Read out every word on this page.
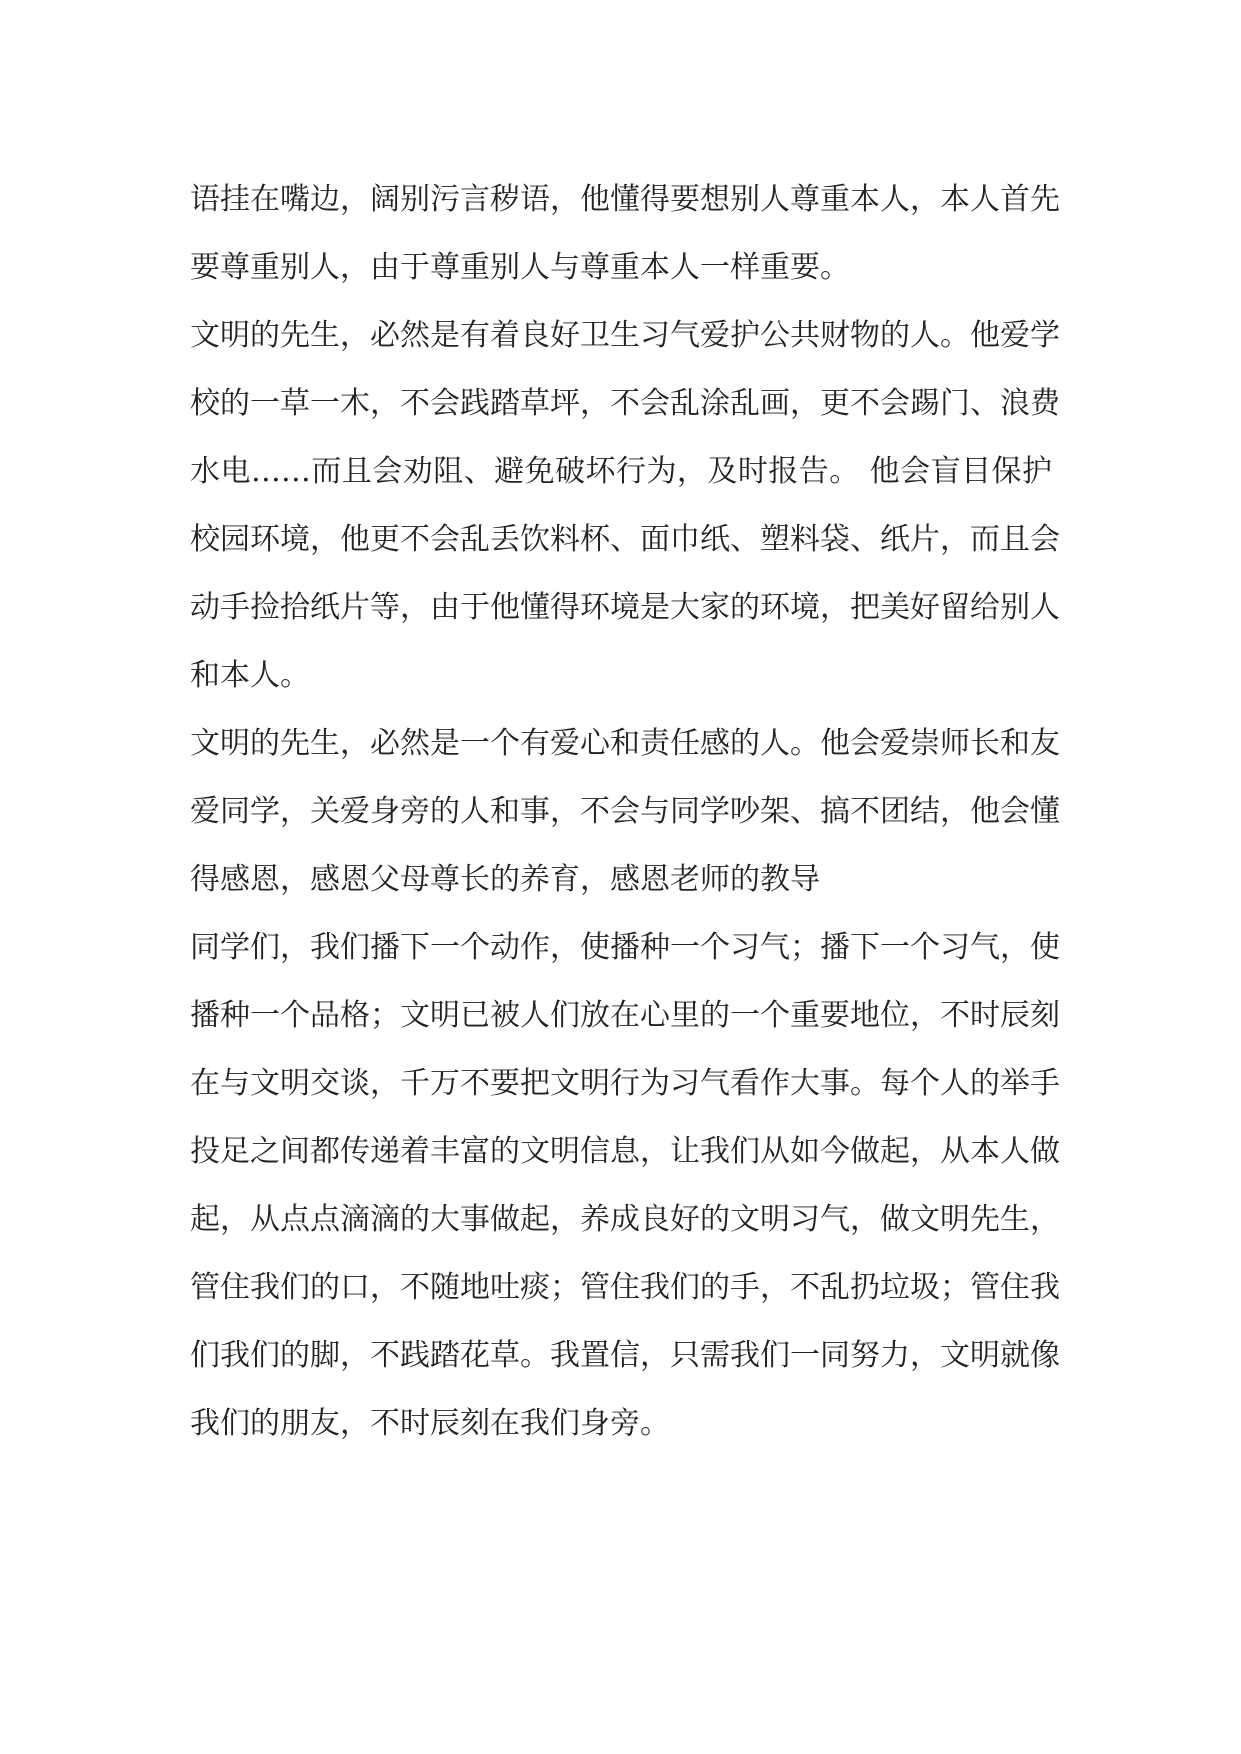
语挂在嘴边，阔别污言秽语，他懂得要想别人尊重本人，本人首先
要尊重别人，由于尊重别人与尊重本人一样重要。
文明的先生，必然是有着良好卫生习气爱护公共财物的人。他爱学
校的一草一木，不会践踏草坪，不会乱涂乱画，更不会踢门、浪费
水电……而且会劝阻、避免破坏行为，及时报告。 他会盲目保护
校园环境，他更不会乱丢饮料杯、面巾纸、塑料袋、纸片，而且会
动手捡拾纸片等，由于他懂得环境是大家的环境，把美好留给别人
和本人。
文明的先生，必然是一个有爱心和责任感的人。他会爱崇师长和友
爱同学，关爱身旁的人和事，不会与同学吵架、搞不团结，他会懂
得感恩，感恩父母尊长的养育，感恩老师的教导
同学们，我们播下一个动作，使播种一个习气；播下一个习气，使
播种一个品格；文明已被人们放在心里的一个重要地位，不时辰刻
在与文明交谈，千万不要把文明行为习气看作大事。每个人的举手
投足之间都传递着丰富的文明信息，让我们从如今做起，从本人做
起，从点点滴滴的大事做起，养成良好的文明习气，做文明先生，
管住我们的口，不随地吐痰；管住我们的手，不乱扔垃圾；管住我
们我们的脚，不践踏花草。我置信，只需我们一同努力，文明就像
我们的朋友，不时辰刻在我们身旁。
